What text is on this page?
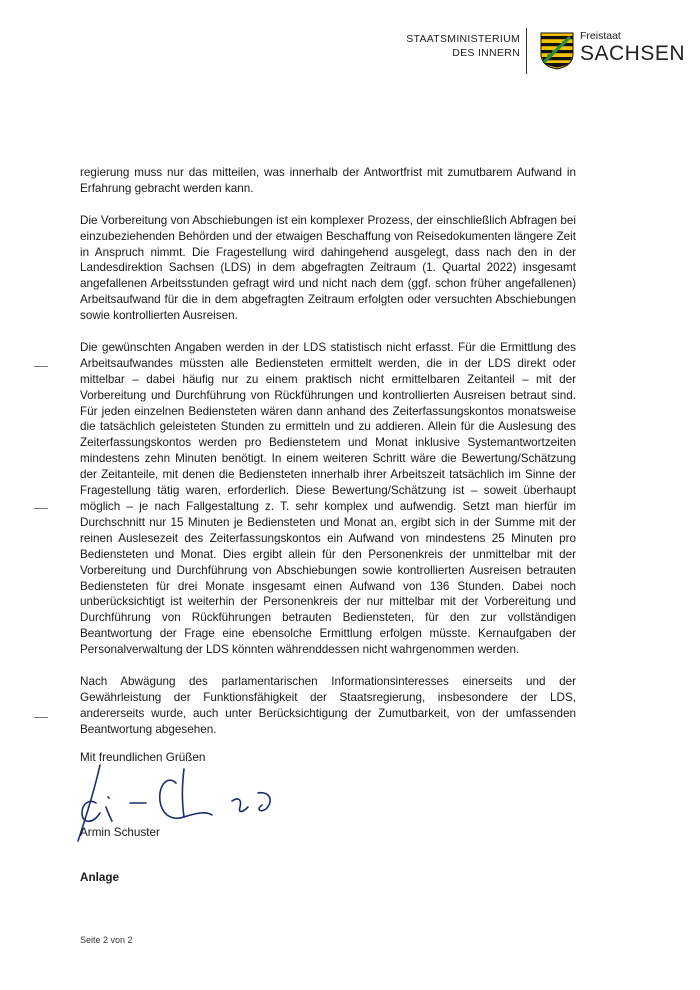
STAATSMINISTERIUM
DES INNERN
Freistaat
SACHSEN

regierung muss nur das mitteilen, was innerhalb der Antwortfrist mit zumutbarem Aufwand in Erfahrung gebracht werden kann.

Die Vorbereitung von Abschiebungen ist ein komplexer Prozess, der einschließlich Abfragen bei einzubeziehenden Behörden und der etwaigen Beschaffung von Reisedokumenten längere Zeit in Anspruch nimmt. Die Fragestellung wird dahingehend ausgelegt, dass nach den in der Landesdirektion Sachsen (LDS) in dem abgefragten Zeitraum (1. Quartal 2022) insgesamt angefallenen Arbeitsstunden gefragt wird und nicht nach dem (ggf. schon früher angefallenen) Arbeitsaufwand für die in dem abgefragten Zeitraum erfolgten oder versuchten Abschiebungen sowie kontrollierten Ausreisen.

Die gewünschten Angaben werden in der LDS statistisch nicht erfasst. Für die Ermittlung des Arbeitsaufwandes müssten alle Bediensteten ermittelt werden, die in der LDS direkt oder mittelbar – dabei häufig nur zu einem praktisch nicht ermittelbaren Zeitanteil – mit der Vorbereitung und Durchführung von Rückführungen und kontrollierten Ausreisen betraut sind. Für jeden einzelnen Bediensteten wären dann anhand des Zeiterfassungskontos monatsweise die tatsächlich geleisteten Stunden zu ermitteln und zu addieren. Allein für die Auslesung des Zeiterfassungskontos werden pro Bedienstetem und Monat inklusive Systemantwortzeiten mindestens zehn Minuten benötigt. In einem weiteren Schritt wäre die Bewertung/Schätzung der Zeitanteile, mit denen die Bediensteten innerhalb ihrer Arbeitszeit tatsächlich im Sinne der Fragestellung tätig waren, erforderlich. Diese Bewertung/Schätzung ist – soweit überhaupt möglich – je nach Fallgestaltung z. T. sehr komplex und aufwendig. Setzt man hierfür im Durchschnitt nur 15 Minuten je Bediensteten und Monat an, ergibt sich in der Summe mit der reinen Auslesezeit des Zeiterfassungskontos ein Aufwand von mindestens 25 Minuten pro Bediensteten und Monat. Dies ergibt allein für den Personenkreis der unmittelbar mit der Vorbereitung und Durchführung von Abschiebungen sowie kontrollierten Ausreisen betrauten Bediensteten für drei Monate insgesamt einen Aufwand von 136 Stunden. Dabei noch unberücksichtigt ist weiterhin der Personenkreis der nur mittelbar mit der Vorbereitung und Durchführung von Rückführungen betrauten Bediensteten, für den zur vollständigen Beantwortung der Frage eine ebensolche Ermittlung erfolgen müsste. Kernaufgaben der Personalverwaltung der LDS könnten währenddessen nicht wahrgenommen werden.

Nach Abwägung des parlamentarischen Informationsinteresses einerseits und der Gewährleistung der Funktionsfähigkeit der Staatsregierung, insbesondere der LDS, andererseits wurde, auch unter Berücksichtigung der Zumutbarkeit, von der umfassenden Beantwortung abgesehen.

Mit freundlichen Grüßen
Armin Schuster
Anlage
Seite 2 von 2
